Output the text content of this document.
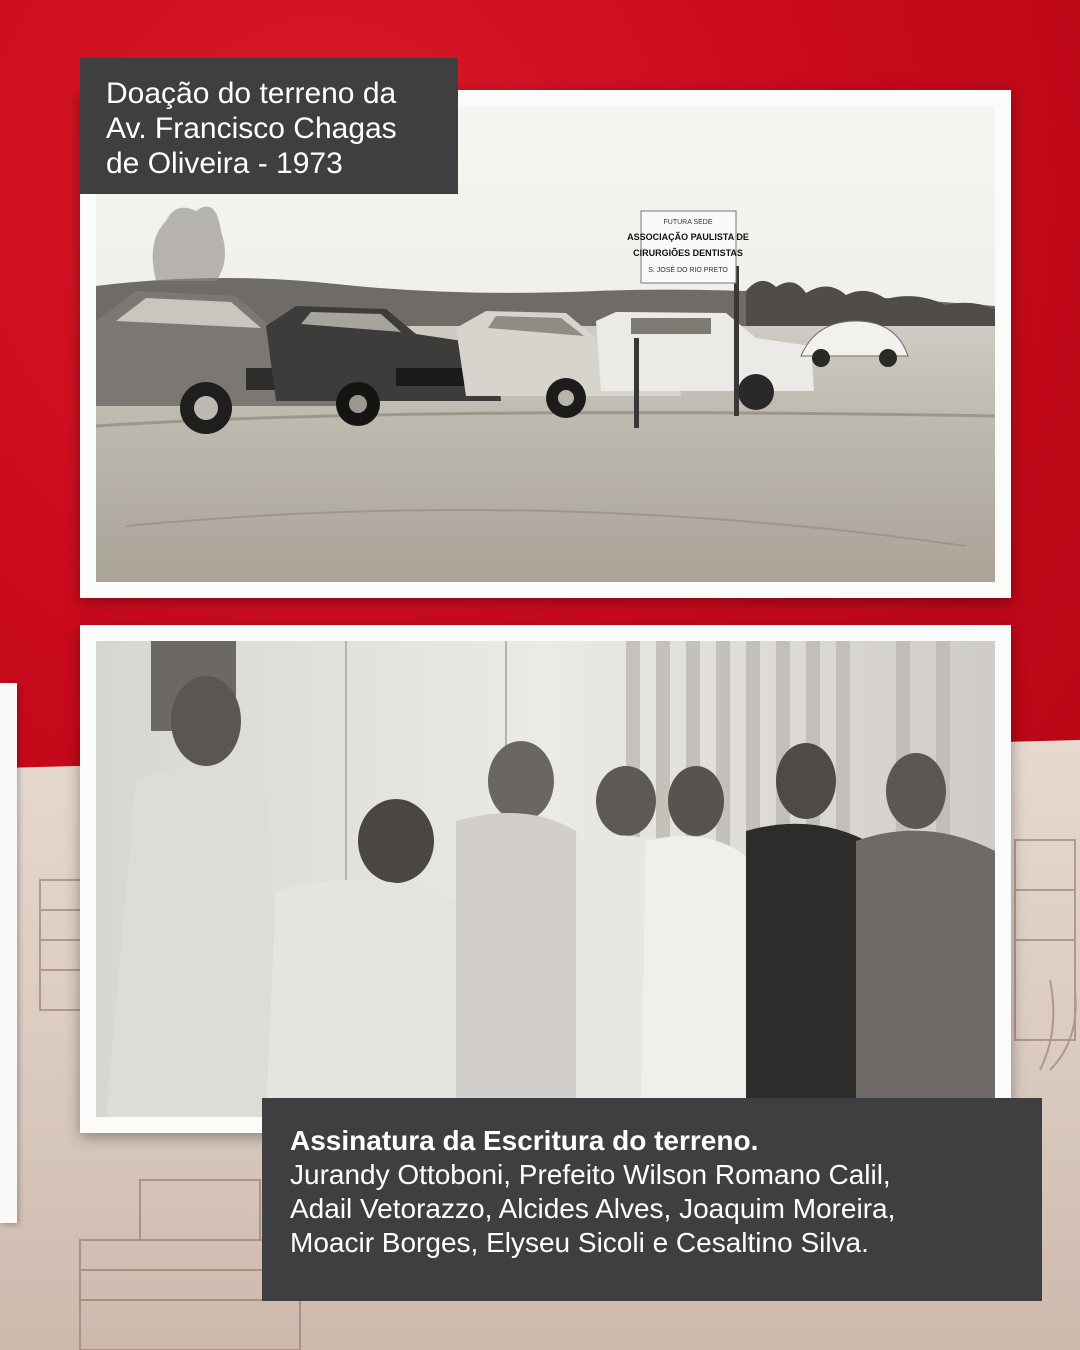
FUTURA SEDE
ASSOCIAÇÃO PAULISTA DE
CIRURGIÕES DENTISTAS
S. JOSÉ DO RIO PRETO
Doação do terreno da
Av. Francisco Chagas
de Oliveira - 1973
Assinatura da Escritura do terreno.
Jurandy Ottoboni, Prefeito Wilson Romano Calil,
Adail Vetorazzo, Alcides Alves, Joaquim Moreira,
Moacir Borges, Elyseu Sicoli e Cesaltino Silva.
